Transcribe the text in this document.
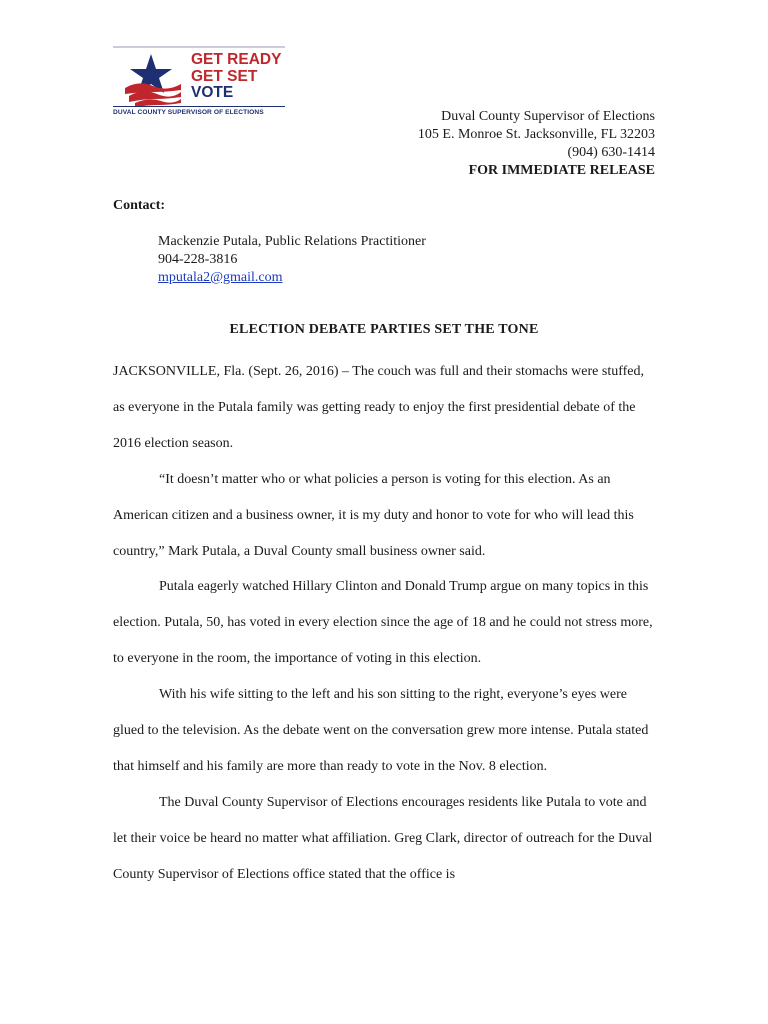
GET READY
GET SET
VOTE
DUVAL COUNTY SUPERVISOR OF ELECTIONS	Duval County Supervisor of Elections
105 E. Monroe St. Jacksonville, FL 32203
(904) 630-1414
FOR IMMEDIATE RELEASE
Contact:
Mackenzie Putala, Public Relations Practitioner
904-228-3816
mputala2@gmail.com
ELECTION DEBATE PARTIES SET THE TONE

JACKSONVILLE, Fla. (Sept. 26, 2016) – The couch was full and their stomachs were stuffed, as everyone in the Putala family was getting ready to enjoy the first presidential debate of the 2016 election season.

“It doesn’t matter who or what policies a person is voting for this election. As an American citizen and a business owner, it is my duty and honor to vote for who will lead this country,” Mark Putala, a Duval County small business owner said.

Putala eagerly watched Hillary Clinton and Donald Trump argue on many topics in this election. Putala, 50, has voted in every election since the age of 18 and he could not stress more, to everyone in the room, the importance of voting in this election.

With his wife sitting to the left and his son sitting to the right, everyone’s eyes were glued to the television. As the debate went on the conversation grew more intense. Putala stated that himself and his family are more than ready to vote in the Nov. 8 election.

The Duval County Supervisor of Elections encourages residents like Putala to vote and let their voice be heard no matter what affiliation. Greg Clark, director of outreach for the Duval County Supervisor of Elections office stated that the office is
